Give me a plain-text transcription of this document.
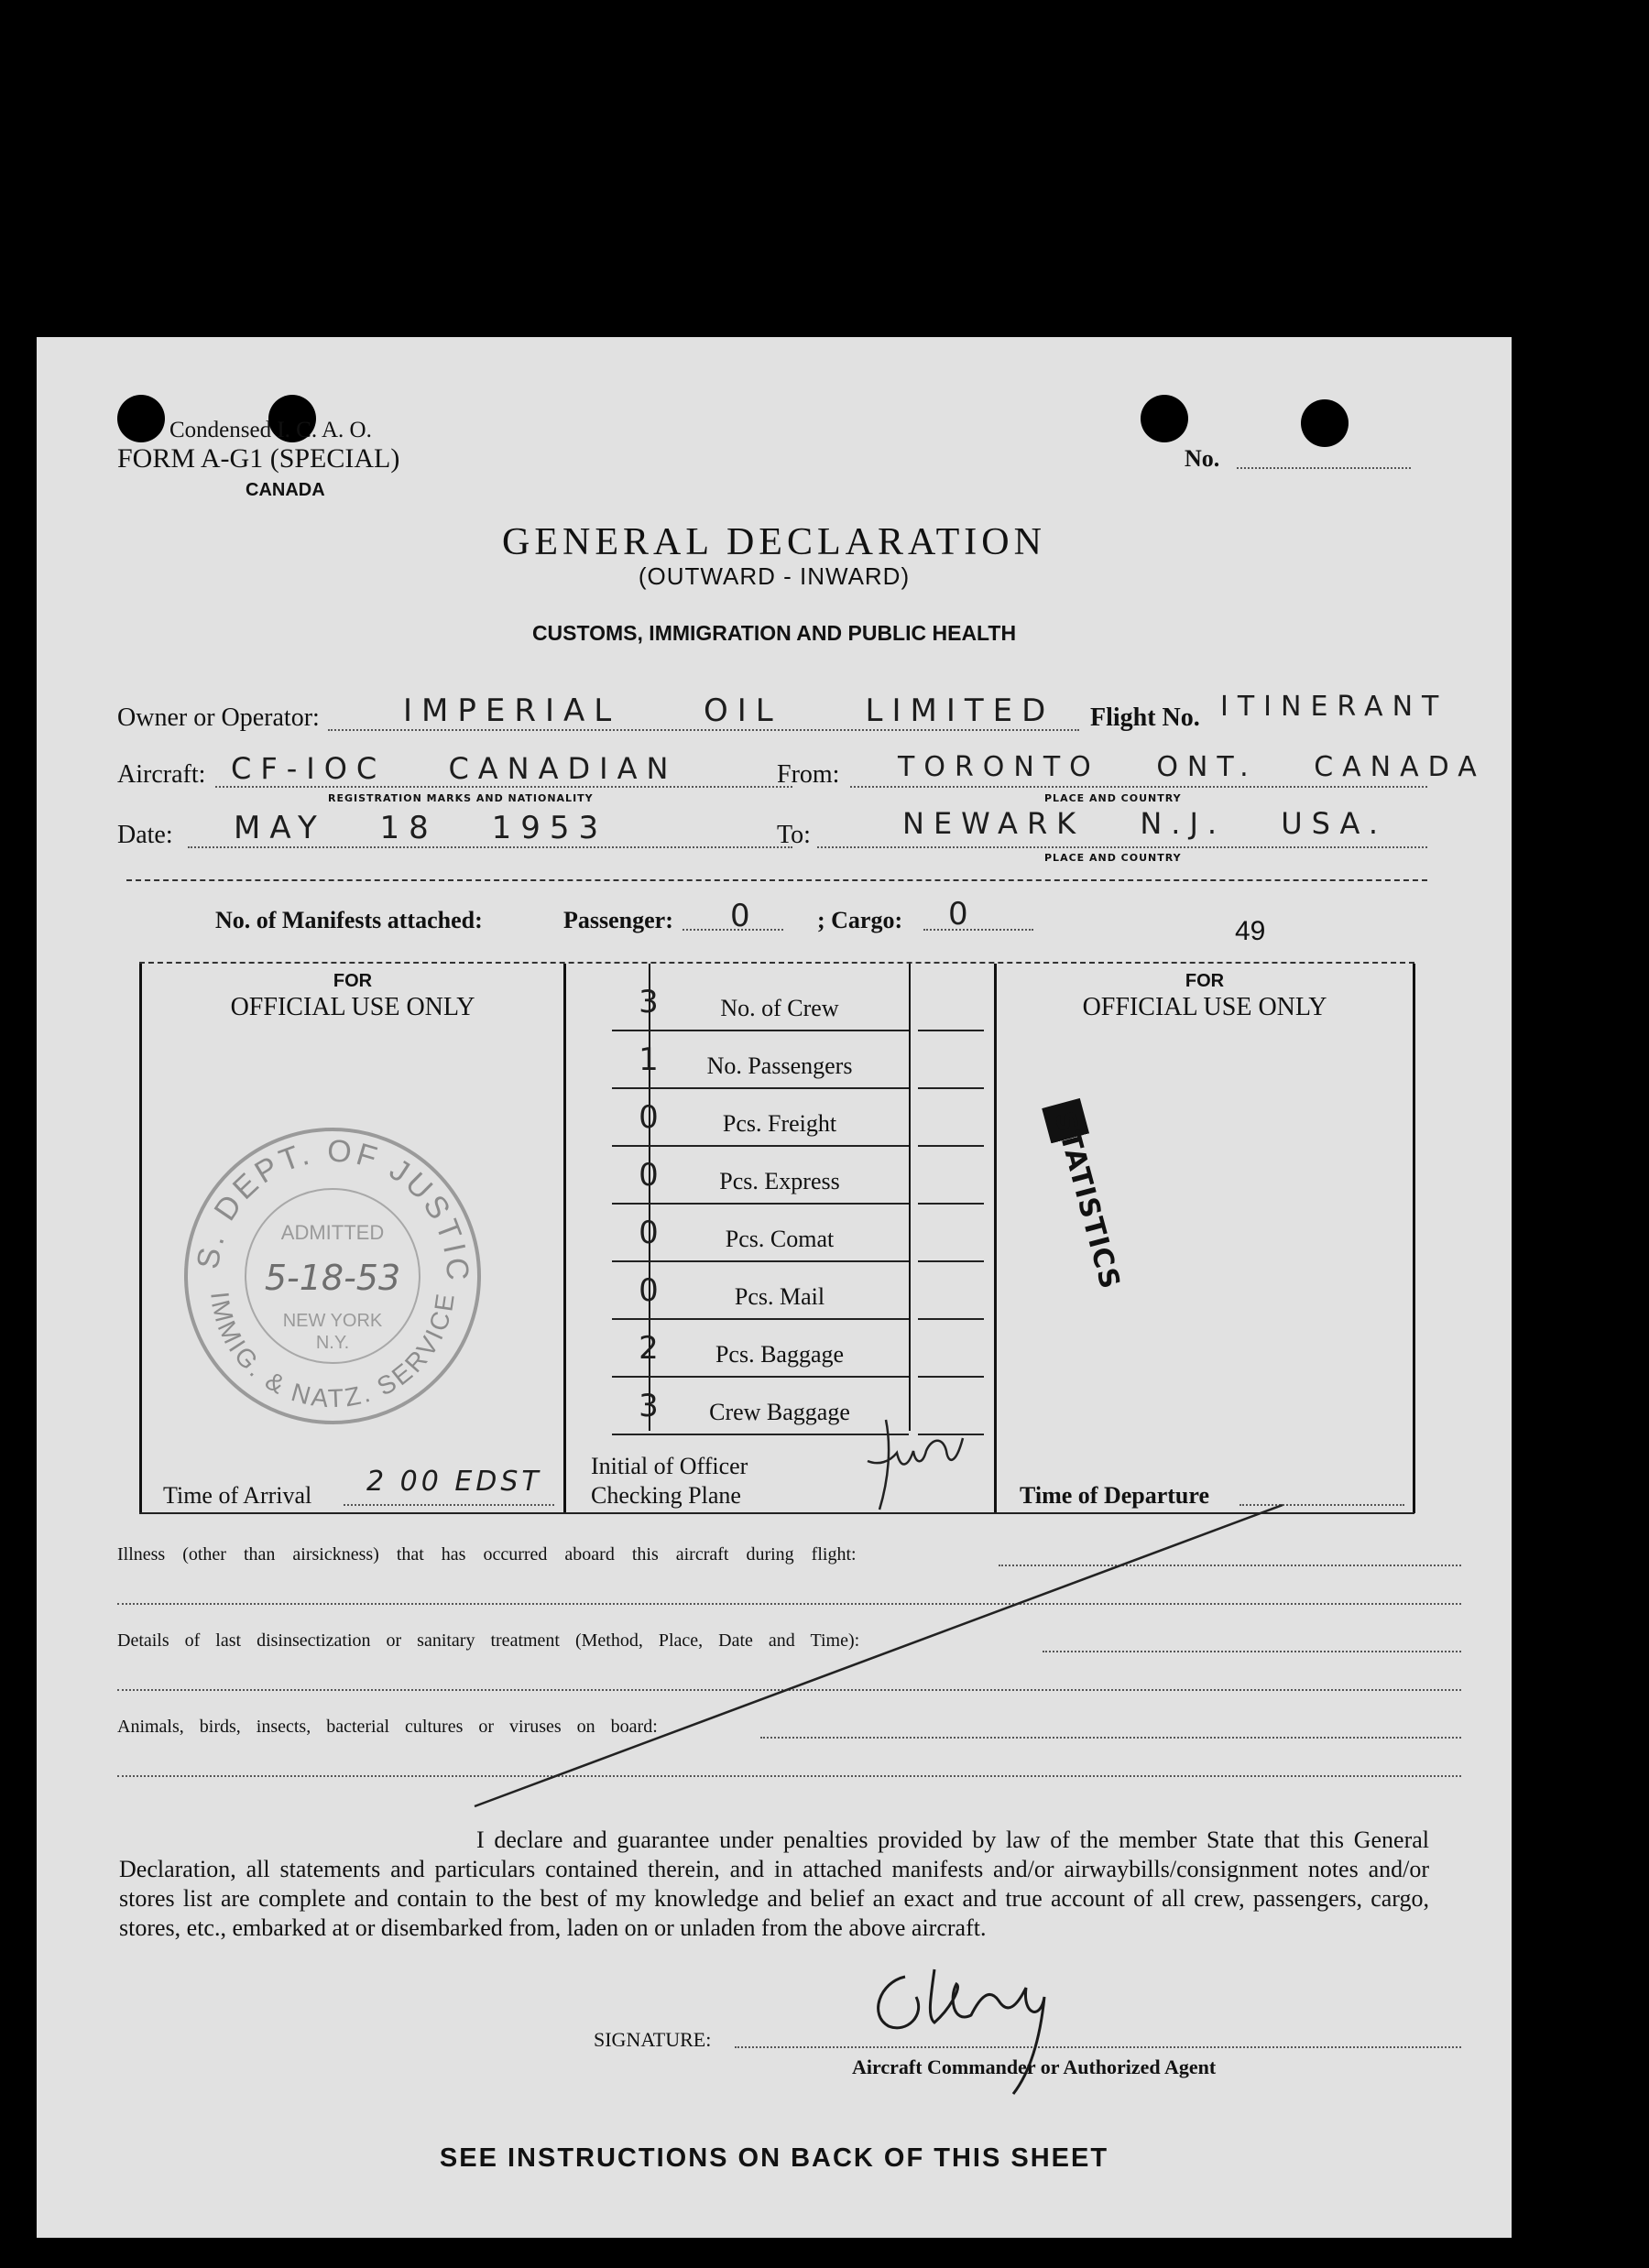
Condensed I. C. A. O.
FORM A-G1 (SPECIAL)
CANADA
No.
GENERAL DECLARATION
(OUTWARD - INWARD)
CUSTOMS, IMMIGRATION AND PUBLIC HEALTH
Owner or Operator:	IMPERIAL OIL LIMITED Flight No. ITINERANT
Aircraft: CF-IOC CANADIAN
REGISTRATION MARKS AND NATIONALITY
From: TORONTO ONT. CANADA
PLACE AND COUNTRY
Date: MAY 18 1953	To:	NEWARK N.J. USA.
PLACE AND COUNTRY
No. of Manifests attached:	Passenger: 0 ; Cargo: 0	49
FOR
OFFICIAL USE ONLY
S. DEPT. OF JUSTIC
IMMIG. & NATZ. SERVICE
ADMITTED
5-18-53
NEW YORK
N.Y.
Time of Arrival 2 00 EDST
3	No. of Crew
1	No. Passengers
0	Pcs. Freight
0	Pcs. Express
0	Pcs. Comat
0	Pcs. Mail
2	Pcs. Baggage
3	Crew Baggage
Initial of Officer
Checking Plane
FOR
OFFICIAL USE ONLY
STATISTICS
Time of Departure
Illness (other than airsickness) that has occurred aboard this aircraft during flight:
Details of last disinsectization or sanitary treatment (Method, Place, Date and Time):
Animals, birds, insects, bacterial cultures or viruses on board:
I declare and guarantee under penalties provided by law of the member State that this General Declaration, all statements and particulars contained therein, and in attached manifests and/or airwaybills/consignment notes and/or stores list are complete and contain to the best of my knowledge and belief an exact and true account of all crew, passengers, cargo, stores, etc., embarked at or disembarked from, laden on or unladen from the above aircraft.
SIGNATURE:
Aircraft Commander or Authorized Agent
SEE INSTRUCTIONS ON BACK OF THIS SHEET
